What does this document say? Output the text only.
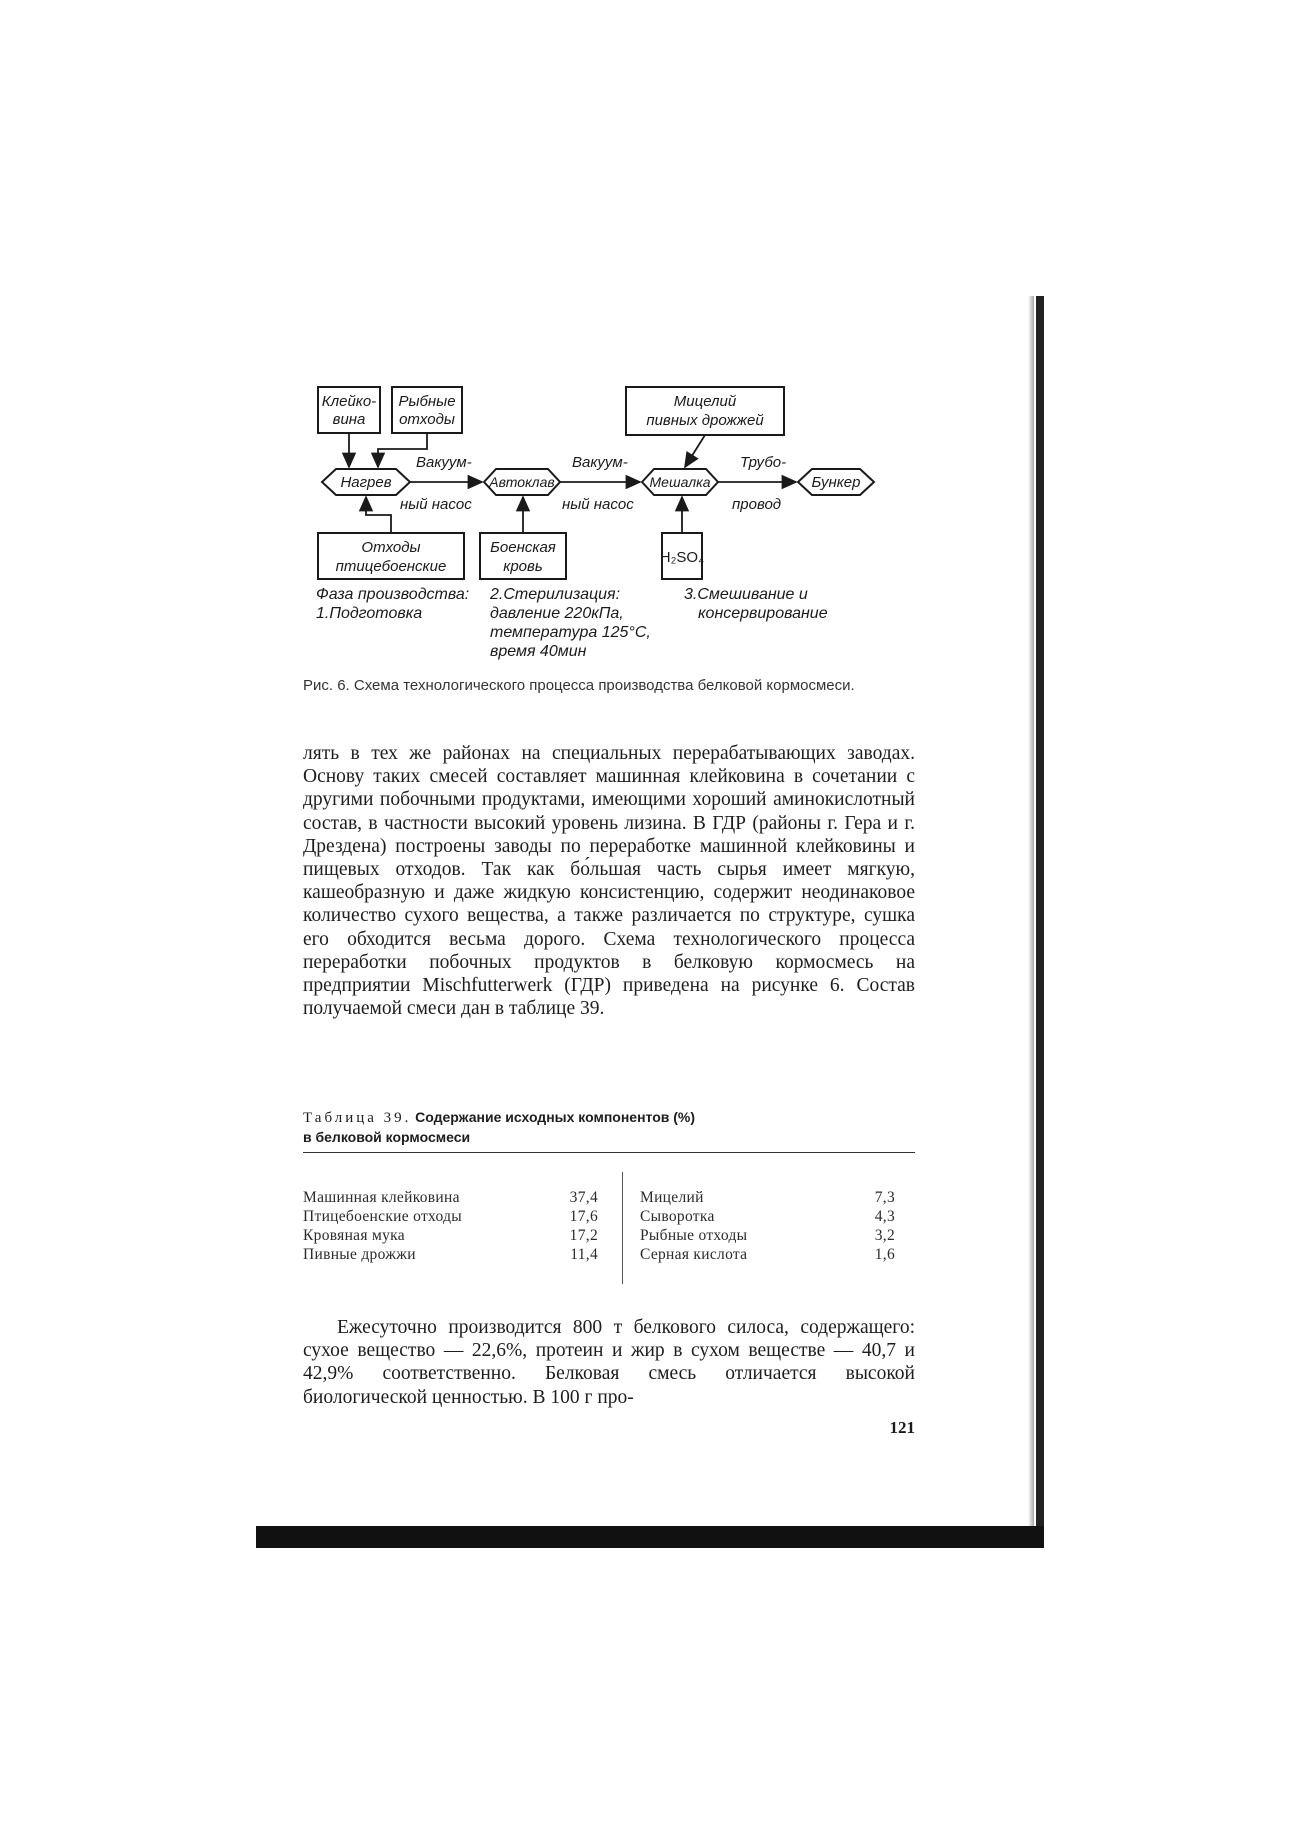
Клейко-
вина
Рыбные
отходы
Мицелий
пивных дрожжей
Нагрев	Автоклав	Мешалка	Бункер
Отходы
птицебоенские
Боенская
кровь
H₂SO₄
Вакуум-
ный насос
Вакуум-
ный насос
Трубо-
провод
Фаза производства:
1.Подготовка
2.Стерилизация:
давление 220кПа,
температура 125°С,
время 40мин
3.Смешивание и
консервирование
Рис. 6. Схема технологического процесса производства белковой кормосмеси.

лять в тех же районах на специальных перерабатывающих заводах. Основу таких смесей составляет машинная клейковина в сочетании с другими побочными продуктами, имеющими хороший аминокислотный состав, в частности высокий уровень лизина. В ГДР (районы г. Гера и г. Дрездена) построены заводы по переработке машинной клейковины и пищевых отходов. Так как бо́льшая часть сырья имеет мягкую, кашеобразную и даже жидкую консистенцию, содержит неодинаковое количество сухого вещества, а также различается по структуре, сушка его обходится весьма дорого. Схема технологического процесса переработки побочных продуктов в белковую кормосмесь на предприятии Mischfutterwerk (ГДР) приведена на рисунке 6. Состав получаемой смеси дан в таблице 39.

Таблица 39. Содержание исходных компонентов (%)
в белковой кормосмеси
Машинная клейковина	37,4
Птицебоенские отходы	17,6
Кровяная мука	17,2
Пивные дрожжи	11,4
Мицелий	7,3
Сыворотка	4,3
Рыбные отходы	3,2
Серная кислота	1,6

Ежесуточно производится 800 т белкового силоса, содержащего: сухое вещество — 22,6%, протеин и жир в сухом веществе — 40,7 и 42,9% соответственно. Белковая смесь отличается высокой биологической ценностью. В 100 г про-

121
